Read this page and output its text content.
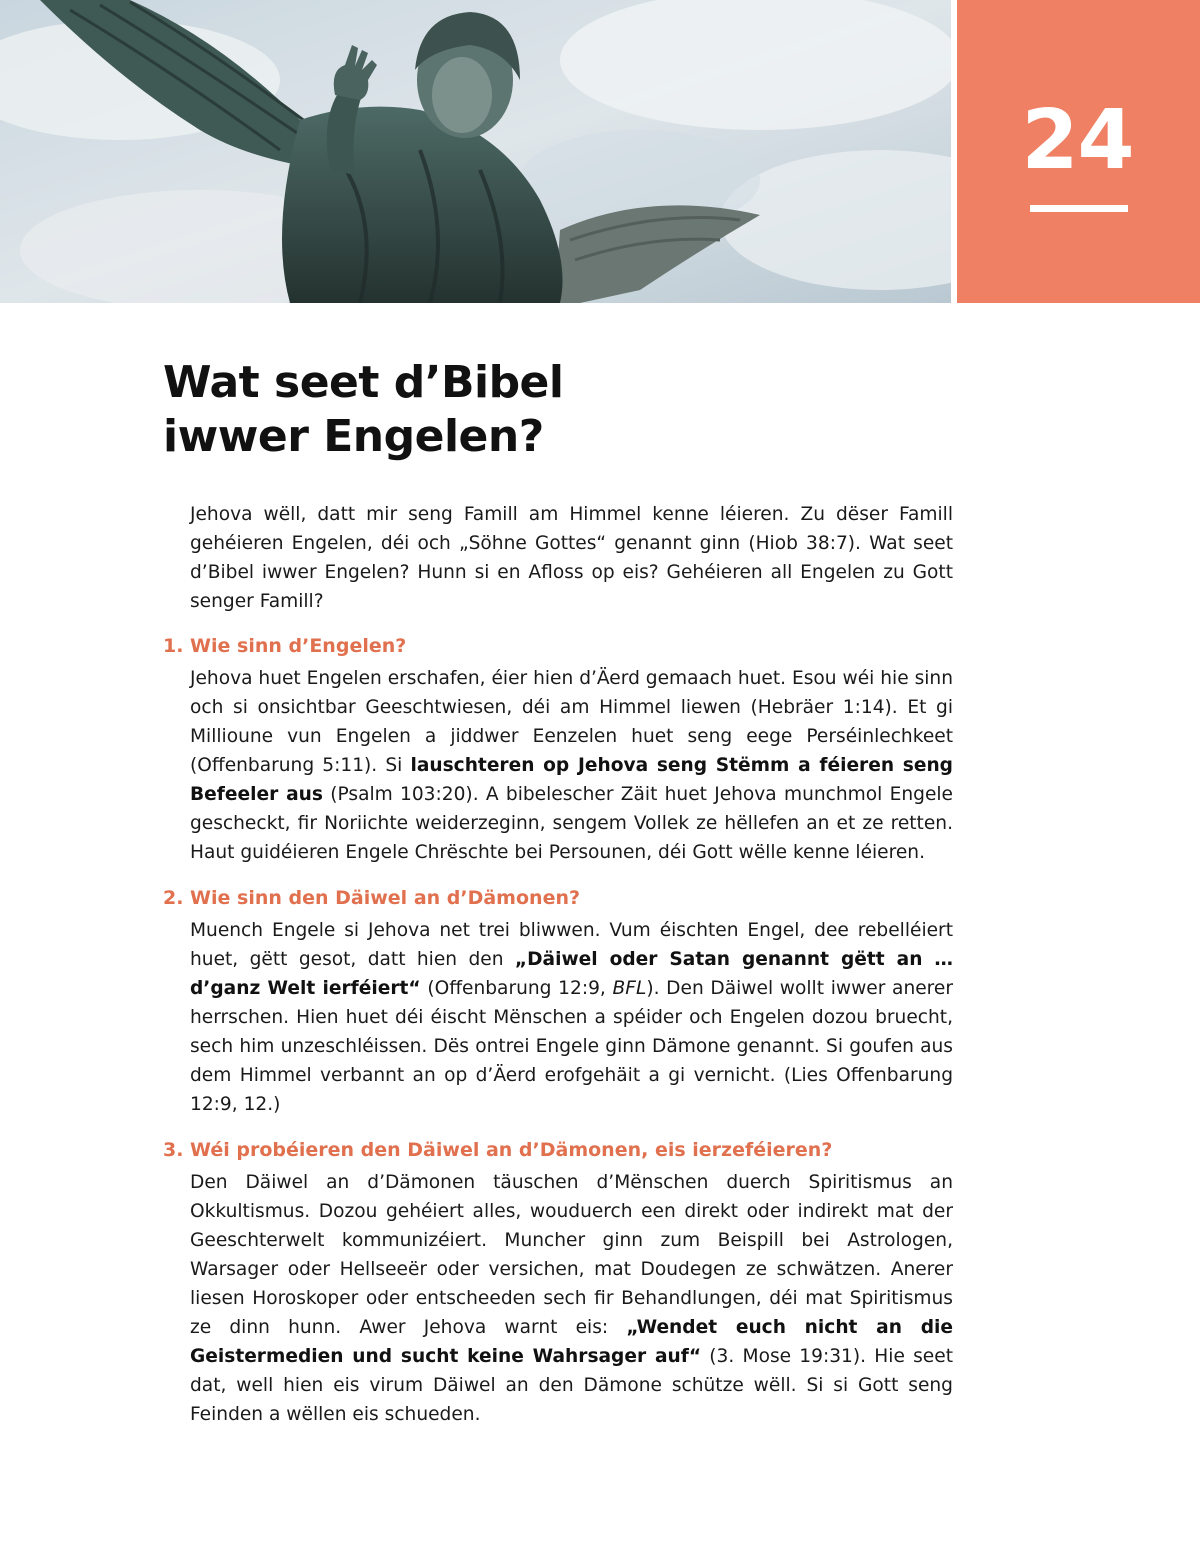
24
Wat seet d’Bibel
iwwer Engelen?

Jehova wëll, datt mir seng Famill am Himmel kenne léieren. Zu dëser Famill gehéieren Engelen, déi och „Söhne Gottes“ genannt ginn (Hiob 38:7). Wat seet d’Bibel iwwer Engelen? Hunn si en Afloss op eis? Gehéieren all Engelen zu Gott senger Famill?

1. Wie sinn d’Engelen?

Jehova huet Engelen erschafen, éier hien d’Äerd gemaach huet. Esou wéi hie sinn och si onsichtbar Geeschtwiesen, déi am Himmel liewen (Hebräer 1:14). Et gi Millioune vun Engelen a jiddwer Eenzelen huet seng eege Perséinlechkeet (Offenbarung 5:11). Si lauschteren op Jehova seng Stëmm a féieren seng Befeeler aus (Psalm 103:20). A bibelescher Zäit huet Jehova munchmol Engele gescheckt, fir Noriichte weiderzeginn, sengem Vollek ze hëllefen an et ze retten. Haut guidéieren Engele Chrëschte bei Persounen, déi Gott wëlle kenne léieren.

2. Wie sinn den Däiwel an d’Dämonen?

Muench Engele si Jehova net trei bliwwen. Vum éischten Engel, dee rebelléiert huet, gëtt gesot, datt hien den „Däiwel oder Satan genannt gëtt an … d’ganz Welt ierféiert“ (Offenbarung 12:9, BFL). Den Däiwel wollt iwwer anerer herrschen. Hien huet déi éischt Mënschen a spéider och Engelen dozou bruecht, sech him unzeschléissen. Dës ontrei Engele ginn Dämone genannt. Si goufen aus dem Himmel verbannt an op d’Äerd erofgehäit a gi vernicht. (Lies Offenbarung 12:9, 12.)

3. Wéi probéieren den Däiwel an d’Dämonen, eis ierzeféieren?

Den Däiwel an d’Dämonen täuschen d’Mënschen duerch Spiritismus an Okkultismus. Dozou gehéiert alles, wouduerch een direkt oder indirekt mat der Geeschterwelt kommunizéiert. Muncher ginn zum Beispill bei Astrologen, Warsager oder Hellseeër oder versichen, mat Doudegen ze schwätzen. Anerer liesen Horoskoper oder entscheeden sech fir Behandlungen, déi mat Spiritismus ze dinn hunn. Awer Jehova warnt eis: „Wendet euch nicht an die Geistermedien und sucht keine Wahrsager auf“ (3. Mose 19:31). Hie seet dat, well hien eis virum Däiwel an den Dämone schütze wëll. Si si Gott seng Feinden a wëllen eis schueden.
